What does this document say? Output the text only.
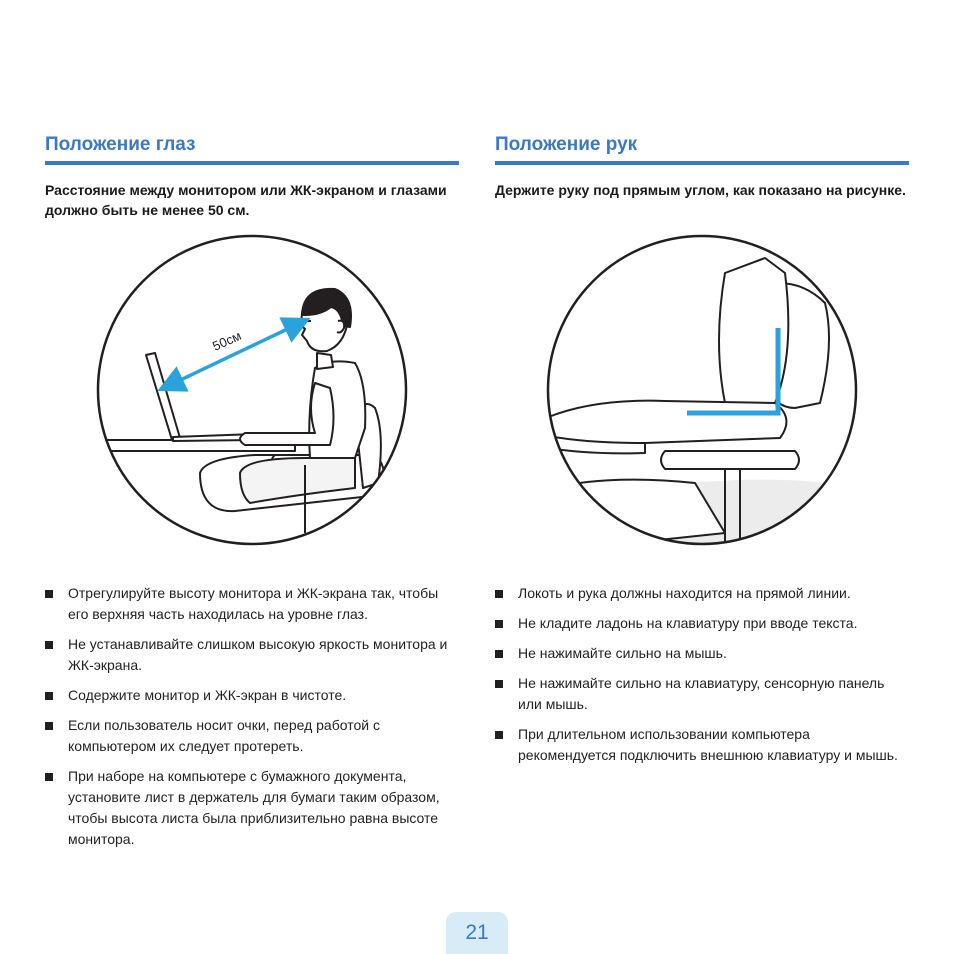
Положение глаз

Расстояние между монитором или ЖК-экраном и глазами должно быть не менее 50 см.

50см
Отрегулируйте высоту монитора и ЖК-экрана так, чтобы его верхняя часть находилась на уровне глаз.
Не устанавливайте слишком высокую яркость монитора и ЖК-экрана.
Содержите монитор и ЖК-экран в чистоте.
Если пользователь носит очки, перед работой с компьютером их следует протереть.
При наборе на компьютере с бумажного документа, установите лист в держатель для бумаги таким образом, чтобы высота листа была приблизительно равна высоте монитора.
Положение рук

Держите руку под прямым углом, как показано на рисунке.

Локоть и рука должны находится на прямой линии.
Не кладите ладонь на клавиатуру при вводе текста.
Не нажимайте сильно на мышь.
Не нажимайте сильно на клавиатуру, сенсорную панель или мышь.
При длительном использовании компьютера рекомендуется подключить внешнюю клавиатуру и мышь.
21
